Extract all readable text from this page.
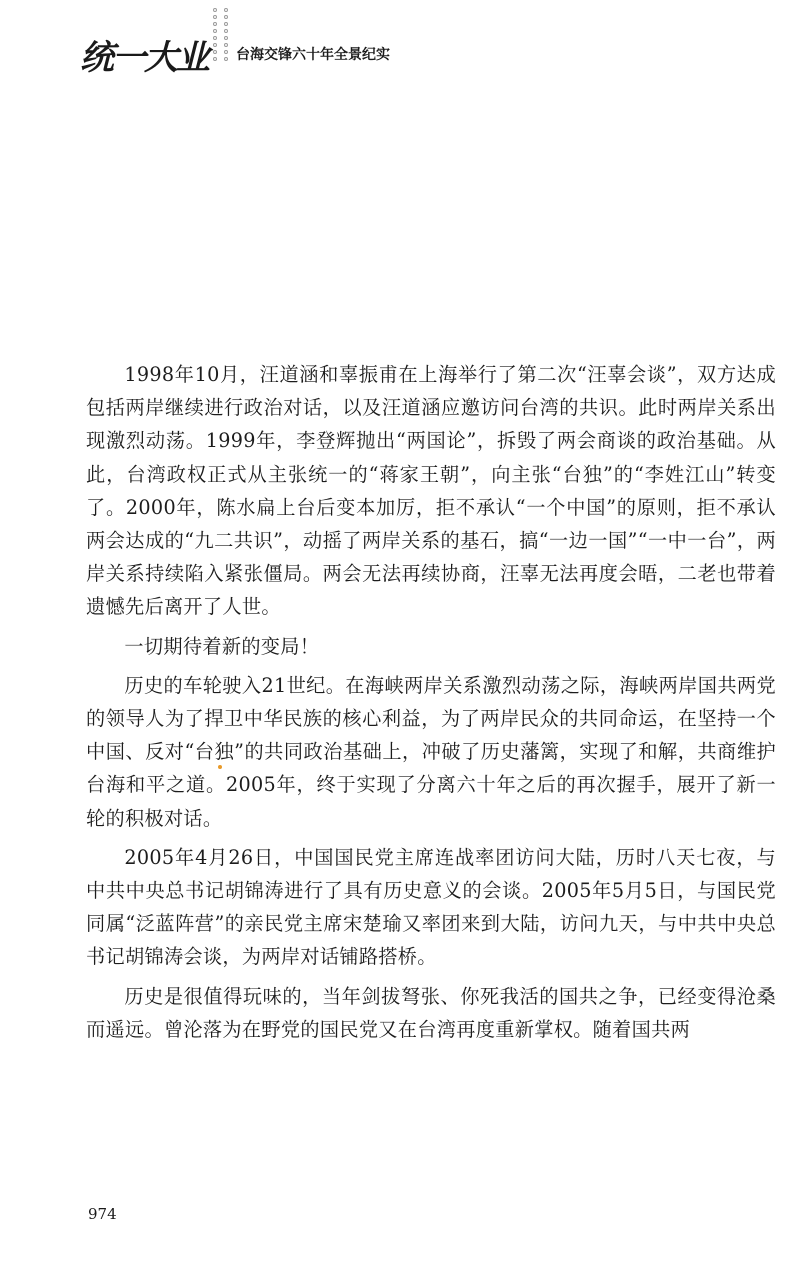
统一大业 台海交锋六十年全景纪实

1998年10月，汪道涵和辜振甫在上海举行了第二次“汪辜会谈”，双方达成包括两岸继续进行政治对话，以及汪道涵应邀访问台湾的共识。此时两岸关系出现激烈动荡。1999年，李登辉抛出“两国论”，拆毁了两会商谈的政治基础。从此，台湾政权正式从主张统一的“蒋家王朝”，向主张“台独”的“李姓江山”转变了。2000年，陈水扁上台后变本加厉，拒不承认“一个中国”的原则，拒不承认两会达成的“九二共识”，动摇了两岸关系的基石，搞“一边一国”“一中一台”，两岸关系持续陷入紧张僵局。两会无法再续协商，汪辜无法再度会晤，二老也带着遗憾先后离开了人世。

一切期待着新的变局！

历史的车轮驶入21世纪。在海峡两岸关系激烈动荡之际，海峡两岸国共两党的领导人为了捍卫中华民族的核心利益，为了两岸民众的共同命运，在坚持一个中国、反对“台独”的共同政治基础上，冲破了历史藩篱，实现了和解，共商维护台海和平之道。2005年，终于实现了分离六十年之后的再次握手，展开了新一轮的积极对话。

2005年4月26日，中国国民党主席连战率团访问大陆，历时八天七夜，与中共中央总书记胡锦涛进行了具有历史意义的会谈。2005年5月5日，与国民党同属“泛蓝阵营”的亲民党主席宋楚瑜又率团来到大陆，访问九天，与中共中央总书记胡锦涛会谈，为两岸对话铺路搭桥。

历史是很值得玩味的，当年剑拔弩张、你死我活的国共之争，已经变得沧桑而遥远。曾沦落为在野党的国民党又在台湾再度重新掌权。随着国共两

974
